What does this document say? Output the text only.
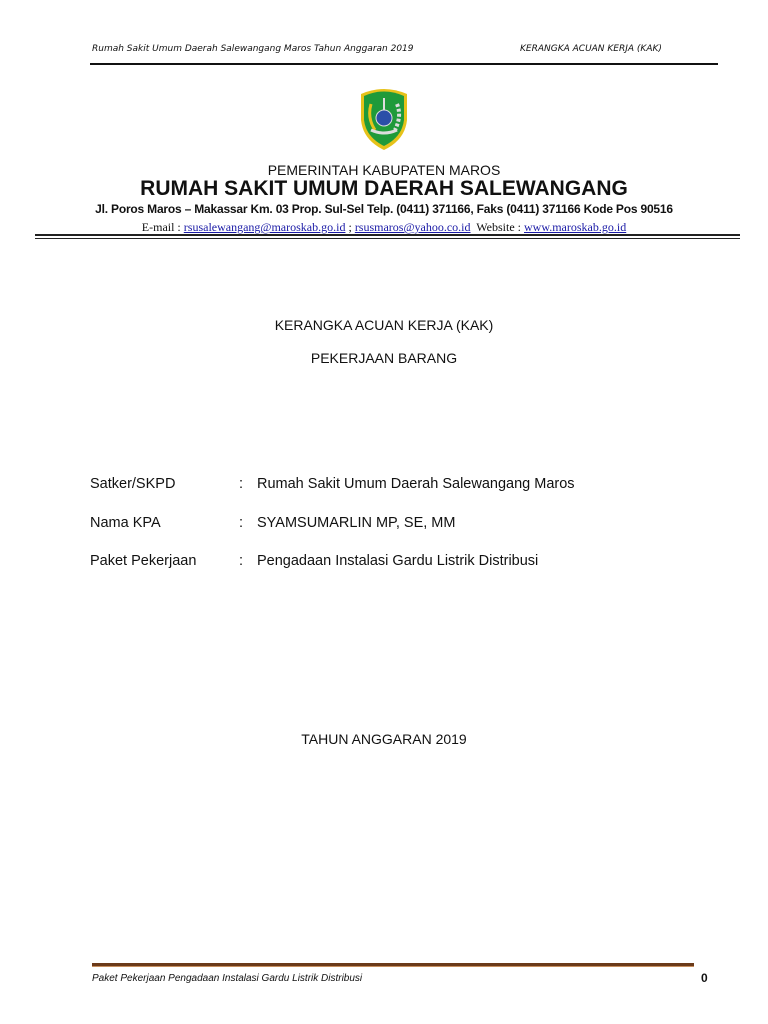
Rumah Sakit Umum Daerah Salewangang Maros Tahun Anggaran 2019	KERANGKA ACUAN KERJA (KAK)
PEMERINTAH KABUPATEN MAROS
RUMAH SAKIT UMUM DAERAH SALEWANGANG
Jl. Poros Maros – Makassar Km. 03 Prop. Sul-Sel Telp. (0411) 371166, Faks (0411) 371166 Kode Pos 90516
E-mail : rsusalewangang@maroskab.go.id ; rsusmaros@yahoo.co.id  Website : www.maroskab.go.id
KERANGKA ACUAN KERJA (KAK)
PEKERJAAN BARANG
Satker/SKPD	: Rumah Sakit Umum Daerah Salewangang Maros
Nama KPA	: SYAMSUMARLIN MP, SE, MM
Paket Pekerjaan	: Pengadaan Instalasi Gardu Listrik Distribusi
TAHUN ANGGARAN 2019
Paket Pekerjaan Pengadaan Instalasi Gardu Listrik Distribusi	0
